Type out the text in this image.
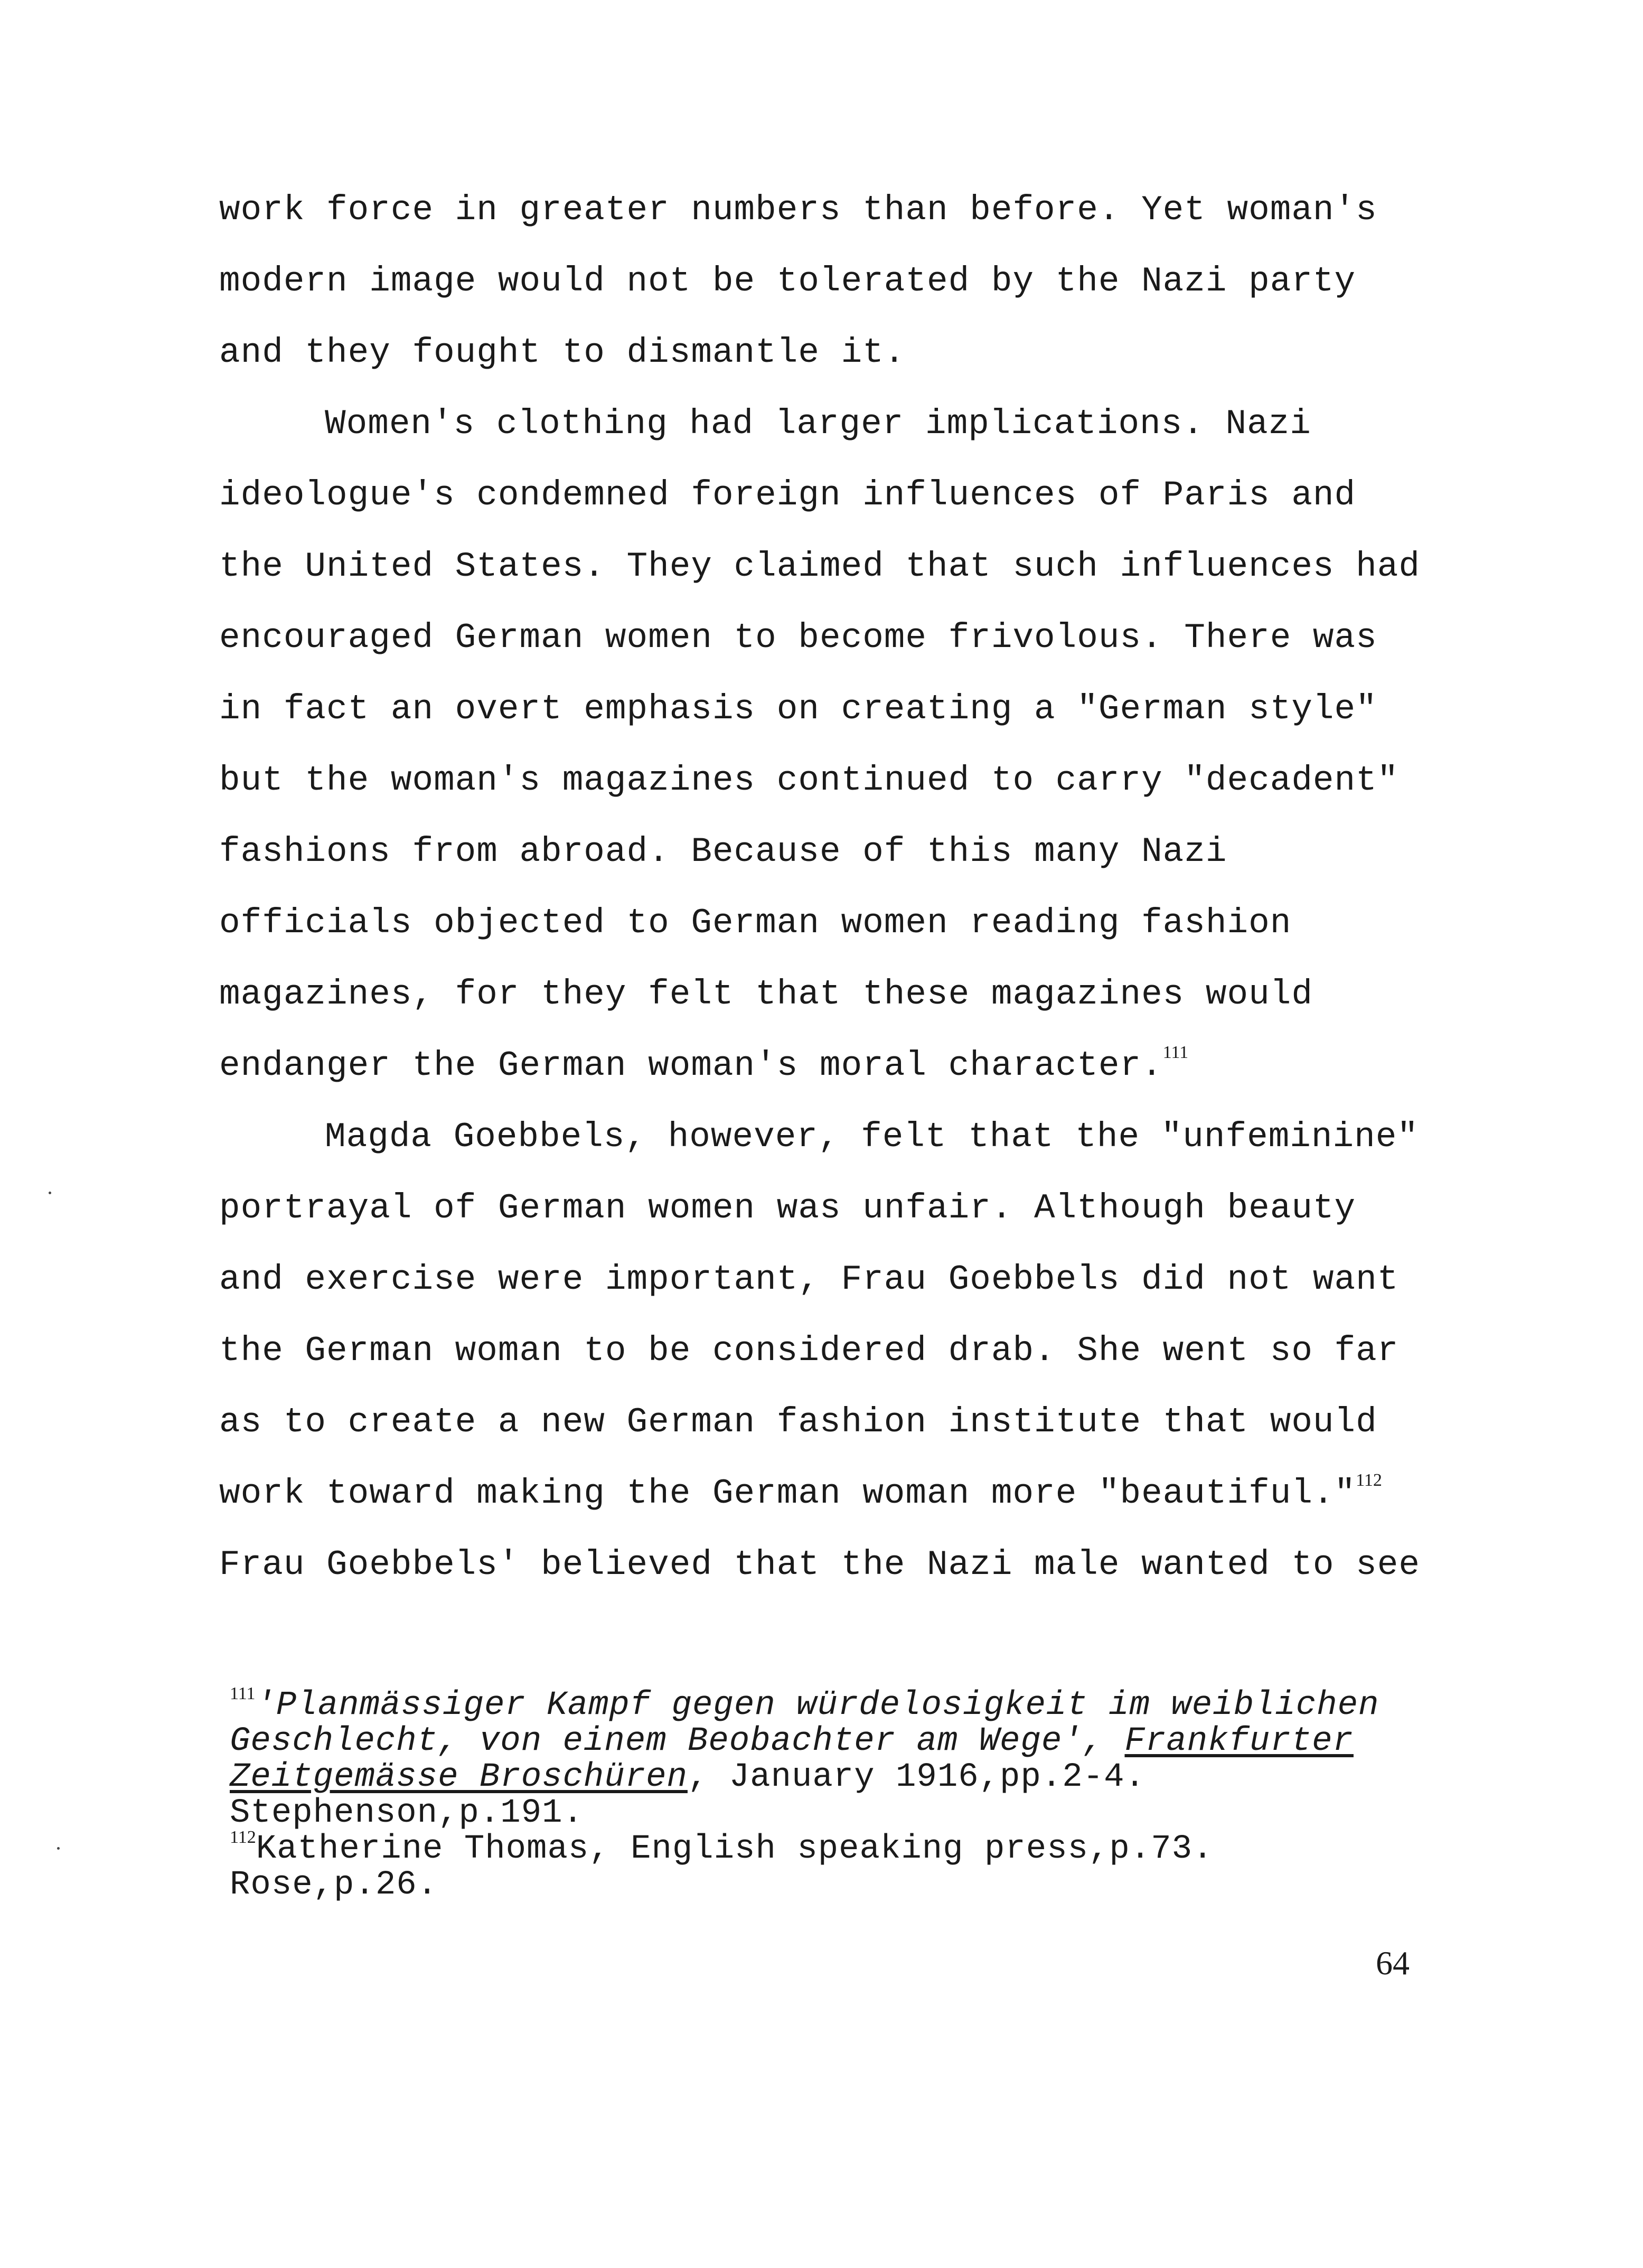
work force in greater numbers than before. Yet woman's
modern image would not be tolerated by the Nazi party
and they fought to dismantle it.
Women's clothing had larger implications. Nazi
ideologue's condemned foreign influences of Paris and
the United States. They claimed that such influences had
encouraged German women to become frivolous. There was
in fact an overt emphasis on creating a "German style"
but the woman's magazines continued to carry "decadent"
fashions from abroad. Because of this many Nazi
officials objected to German women reading fashion
magazines, for they felt that these magazines would
endanger the German woman's moral character.$^{111}$
Magda Goebbels, however, felt that the "unfeminine"
portrayal of German women was unfair. Although beauty
and exercise were important, Frau Goebbels did not want
the German woman to be considered drab. She went so far
as to create a new German fashion institute that would
work toward making the German woman more "beautiful."$^{112}$
Frau Goebbels' believed that the Nazi male wanted to see
$^{111}$'Planmässiger Kampf gegen würdelosigkeit im weiblichen
Geschlecht, von einem Beobachter am Wege', Frankfurter
Zeitgemässe Broschüren, January 1916,pp.2-4.
Stephenson,p.191.
$^{112}$Katherine Thomas, English speaking press,p.73.
Rose,p.26.
64
